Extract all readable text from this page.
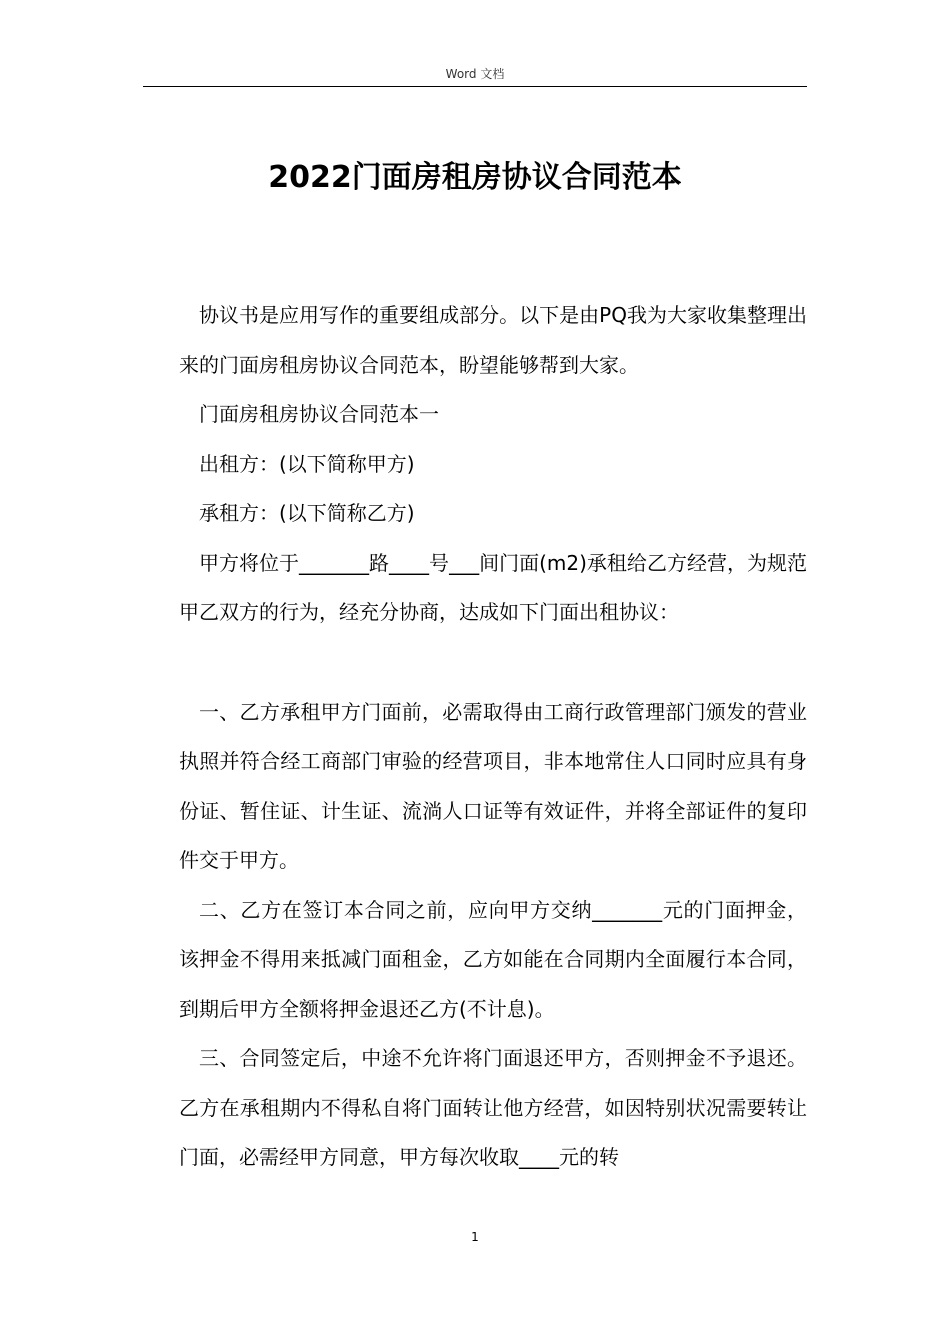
Word 文档
2022门面房租房协议合同范本

协议书是应用写作的重要组成部分。以下是由PQ我为大家收集整理出来的门面房租房协议合同范本，盼望能够帮到大家。

门面房租房协议合同范本一

出租方：(以下简称甲方)

承租方：(以下简称乙方)

甲方将位于_______路____号___间门面(m2)承租给乙方经营，为规范甲乙双方的行为，经充分协商，达成如下门面出租协议：

一、乙方承租甲方门面前，必需取得由工商行政管理部门颁发的营业执照并符合经工商部门审验的经营项目，非本地常住人口同时应具有身份证、暂住证、计生证、流淌人口证等有效证件，并将全部证件的复印件交于甲方。

二、乙方在签订本合同之前，应向甲方交纳_______元的门面押金，该押金不得用来抵减门面租金，乙方如能在合同期内全面履行本合同，到期后甲方全额将押金退还乙方(不计息)。

三、合同签定后，中途不允许将门面退还甲方，否则押金不予退还。乙方在承租期内不得私自将门面转让他方经营，如因特别状况需要转让门面，必需经甲方同意，甲方每次收取____元的转

1
